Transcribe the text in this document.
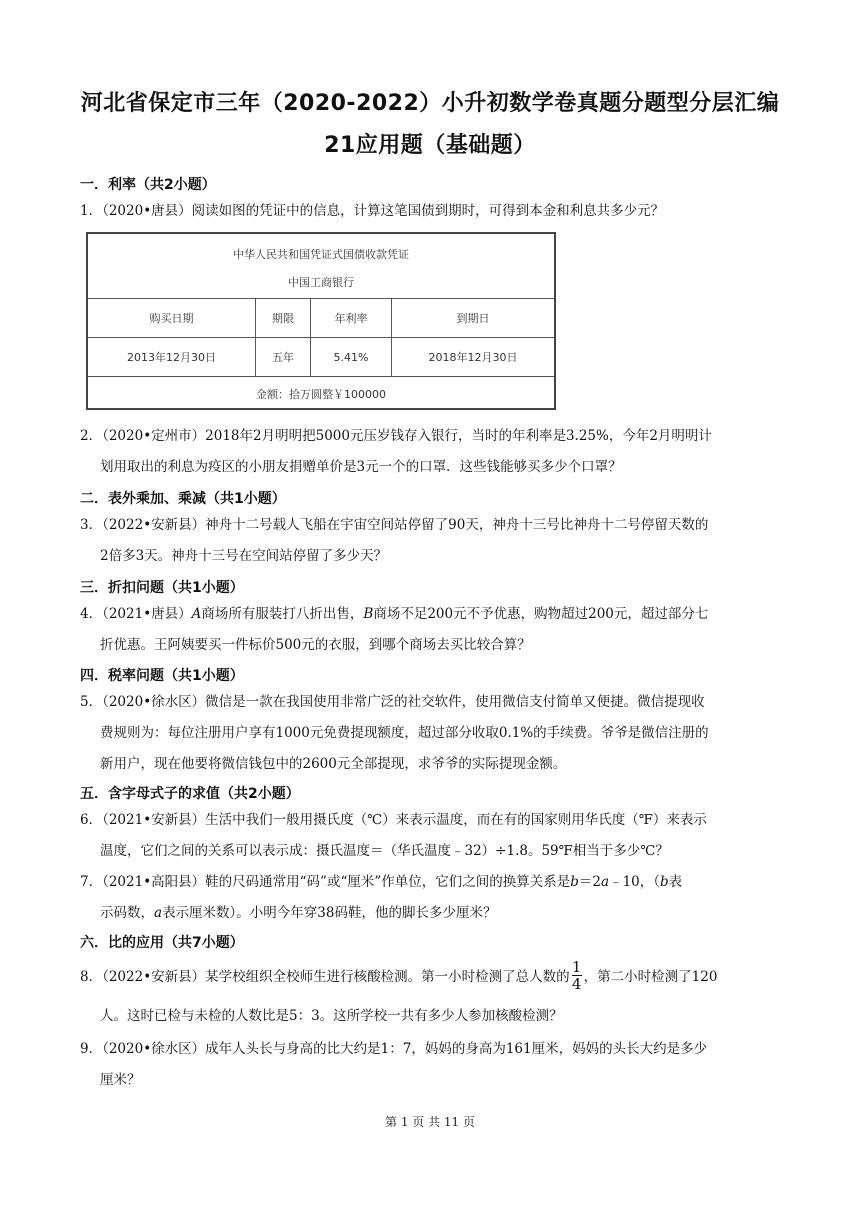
河北省保定市三年（2020-2022）小升初数学卷真题分题型分层汇编
21应用题（基础题）
一．利率（共2小题）
1．（2020•唐县）阅读如图的凭证中的信息，计算这笔国债到期时，可得到本金和利息共多少元？
中华人民共和国凭证式国债收款凭证
中国工商银行
购买日期	期限	年利率	到期日
2013年12月30日	五年	5.41%	2018年12月30日
金额：拾万圆整￥100000
2．（2020•定州市）2018年2月明明把5000元压岁钱存入银行，当时的年利率是3.25%，今年2月明明计
划用取出的利息为疫区的小朋友捐赠单价是3元一个的口罩．这些钱能够买多少个口罩？
二．表外乘加、乘减（共1小题）
3．（2022•安新县）神舟十二号载人飞船在宇宙空间站停留了90天，神舟十三号比神舟十二号停留天数的
2倍多3天。神舟十三号在空间站停留了多少天？
三．折扣问题（共1小题）
4．（2021•唐县）A商场所有服装打八折出售，B商场不足200元不予优惠，购物超过200元，超过部分七
折优惠。王阿姨要买一件标价500元的衣服，到哪个商场去买比较合算？
四．税率问题（共1小题）
5．（2020•徐水区）微信是一款在我国使用非常广泛的社交软件，使用微信支付简单又便捷。微信提现收
费规则为：每位注册用户享有1000元免费提现额度，超过部分收取0.1%的手续费。爷爷是微信注册的
新用户，现在他要将微信钱包中的2600元全部提现，求爷爷的实际提现金额。
五．含字母式子的求值（共2小题）
6．（2021•安新县）生活中我们一般用摄氏度（℃）来表示温度，而在有的国家则用华氏度（℉）来表示
温度，它们之间的关系可以表示成：摄氏温度＝（华氏温度﹣32）÷1.8。59℉相当于多少℃？
7．（2021•高阳县）鞋的尺码通常用“码”或“厘米”作单位，它们之间的换算关系是b＝2a﹣10，（b表
示码数，a表示厘米数）。小明今年穿38码鞋，他的脚长多少厘米？
六．比的应用（共7小题）
8．（2022•安新县）某学校组织全校师生进行核酸检测。第一小时检测了总人数的 $\frac{1}{4}$ ，第二小时检测了120
人。这时已检与未检的人数比是5：3。这所学校一共有多少人参加核酸检测？
9．（2020•徐水区）成年人头长与身高的比大约是1：7，妈妈的身高为161厘米，妈妈的头长大约是多少
厘米？
第 1 页 共 11 页
